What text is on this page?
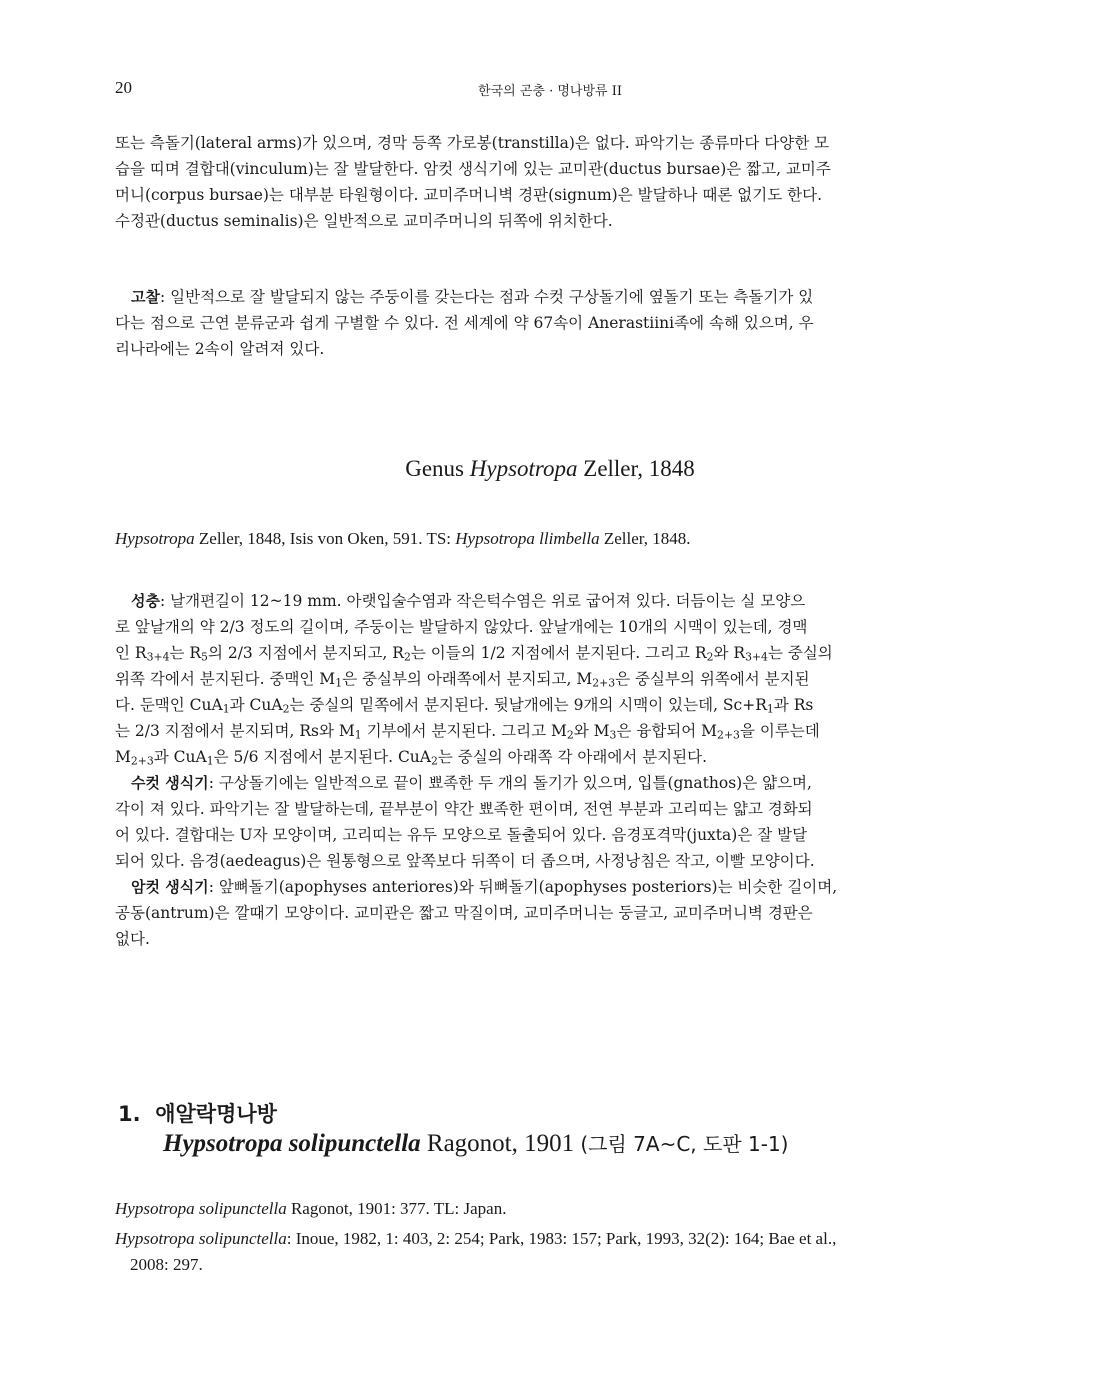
20	한국의 곤충 · 명나방류 II

또는 측돌기(lateral arms)가 있으며, 경막 등쪽 가로봉(transtilla)은 없다. 파악기는 종류마다 다양한 모

습을 띠며 결합대(vinculum)는 잘 발달한다. 암컷 생식기에 있는 교미관(ductus bursae)은 짧고, 교미주

머니(corpus bursae)는 대부분 타원형이다. 교미주머니벽 경판(signum)은 발달하나 때론 없기도 한다.

수정관(ductus seminalis)은 일반적으로 교미주머니의 뒤쪽에 위치한다.

고찰: 일반적으로 잘 발달되지 않는 주둥이를 갖는다는 점과 수컷 구상돌기에 옆돌기 또는 측돌기가 있

다는 점으로 근연 분류군과 쉽게 구별할 수 있다. 전 세계에 약 67속이 Anerastiini족에 속해 있으며, 우

리나라에는 2속이 알려져 있다.

Genus Hypsotropa Zeller, 1848
Hypsotropa Zeller, 1848, Isis von Oken, 591. TS: Hypsotropa llimbella Zeller, 1848.

성충: 날개편길이 12~19 mm. 아랫입술수염과 작은턱수염은 위로 굽어져 있다. 더듬이는 실 모양으

로 앞날개의 약 2/3 정도의 길이며, 주둥이는 발달하지 않았다. 앞날개에는 10개의 시맥이 있는데, 경맥

인 $R_{3+4}$는 $R_5$의 2/3 지점에서 분지되고, $R_2$는 이들의 1/2 지점에서 분지된다. 그리고 $R_2$와 $R_{3+4}$는 중실의

위쪽 각에서 분지된다. 중맥인 $M_1$은 중실부의 아래쪽에서 분지되고, $M_{2+3}$은 중실부의 위쪽에서 분지된

다. 둔맥인 CuA$_1$과 CuA$_2$는 중실의 밑쪽에서 분지된다. 뒷날개에는 9개의 시맥이 있는데, $Sc+R_1$과 Rs

는 2/3 지점에서 분지되며, Rs와 $M_1$ 기부에서 분지된다. 그리고 $M_2$와 $M_3$은 융합되어 $M_{2+3}$을 이루는데

$M_{2+3}$과 CuA$_1$은 5/6 지점에서 분지된다. CuA$_2$는 중실의 아래쪽 각 아래에서 분지된다.

수컷 생식기: 구상돌기에는 일반적으로 끝이 뾰족한 두 개의 돌기가 있으며, 입틀(gnathos)은 얇으며,

각이 져 있다. 파악기는 잘 발달하는데, 끝부분이 약간 뾰족한 편이며, 전연 부분과 고리띠는 얇고 경화되

어 있다. 결합대는 U자 모양이며, 고리띠는 유두 모양으로 돌출되어 있다. 음경포격막(juxta)은 잘 발달

되어 있다. 음경(aedeagus)은 원통형으로 앞쪽보다 뒤쪽이 더 좁으며, 사정낭침은 작고, 이빨 모양이다.

암컷 생식기: 앞뼈돌기(apophyses anteriores)와 뒤뼈돌기(apophyses posteriors)는 비슷한 길이며,

공동(antrum)은 깔때기 모양이다. 교미관은 짧고 막질이며, 교미주머니는 둥글고, 교미주머니벽 경판은

없다.

1. 애알락명나방
Hypsotropa solipunctella Ragonot, 1901 (그림 7A~C, 도판 1-1)
Hypsotropa solipunctella Ragonot, 1901: 377. TL: Japan.
Hypsotropa solipunctella: Inoue, 1982, 1: 403, 2: 254; Park, 1983: 157; Park, 1993, 32(2): 164; Bae et al.,
2008: 297.
